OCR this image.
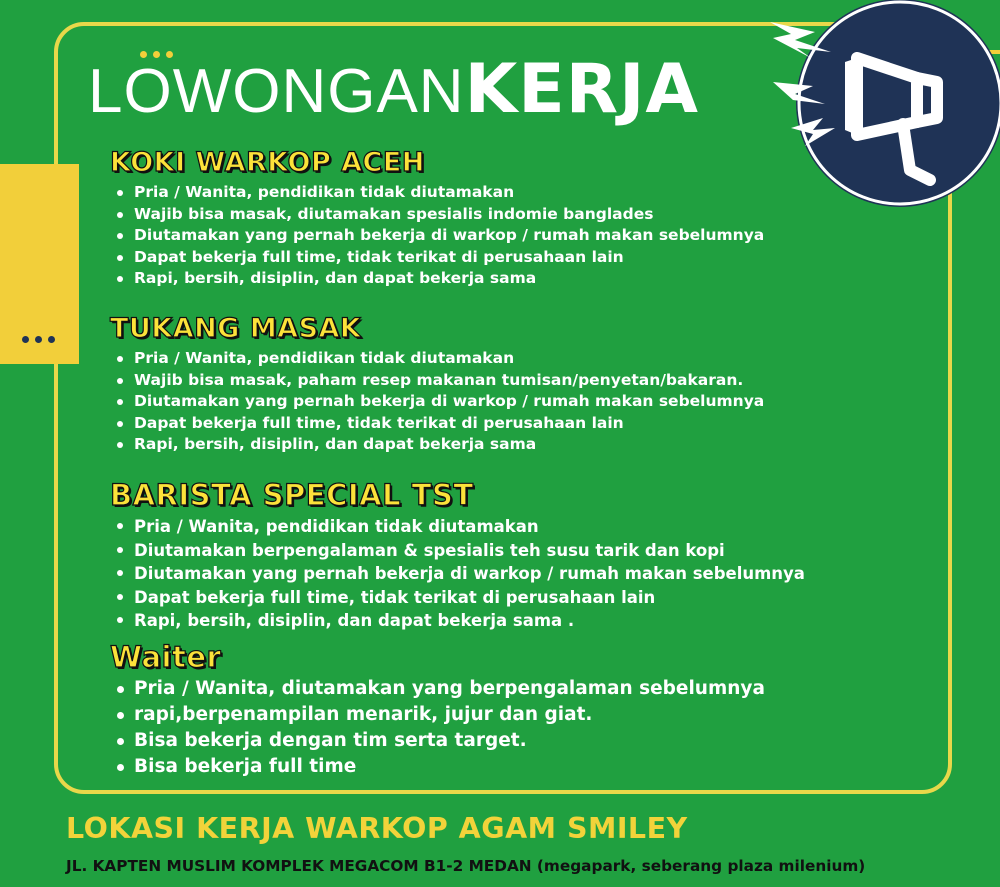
LOWONGANKERJA
KOKI WARKOP ACEH
Pria / Wanita, pendidikan tidak diutamakan
Wajib bisa masak, diutamakan spesialis indomie banglades
Diutamakan yang pernah bekerja di warkop / rumah makan sebelumnya
Dapat bekerja full time, tidak terikat di perusahaan lain
Rapi, bersih, disiplin, dan dapat bekerja sama
TUKANG MASAK
Pria / Wanita, pendidikan tidak diutamakan
Wajib bisa masak, paham resep makanan tumisan/penyetan/bakaran.
Diutamakan yang pernah bekerja di warkop / rumah makan sebelumnya
Dapat bekerja full time, tidak terikat di perusahaan lain
Rapi, bersih, disiplin, dan dapat bekerja sama
BARISTA SPECIAL TST
Pria / Wanita, pendidikan tidak diutamakan
Diutamakan berpengalaman & spesialis teh susu tarik dan kopi
Diutamakan yang pernah bekerja di warkop / rumah makan sebelumnya
Dapat bekerja full time, tidak terikat di perusahaan lain
Rapi, bersih, disiplin, dan dapat bekerja sama .
Waiter
Pria / Wanita, diutamakan yang berpengalaman sebelumnya
rapi,berpenampilan menarik, jujur dan giat.
Bisa bekerja dengan tim serta target.
Bisa bekerja full time
LOKASI KERJA WARKOP AGAM SMILEY

JL. KAPTEN MUSLIM KOMPLEK MEGACOM B1-2 MEDAN (megapark, seberang plaza milenium)
